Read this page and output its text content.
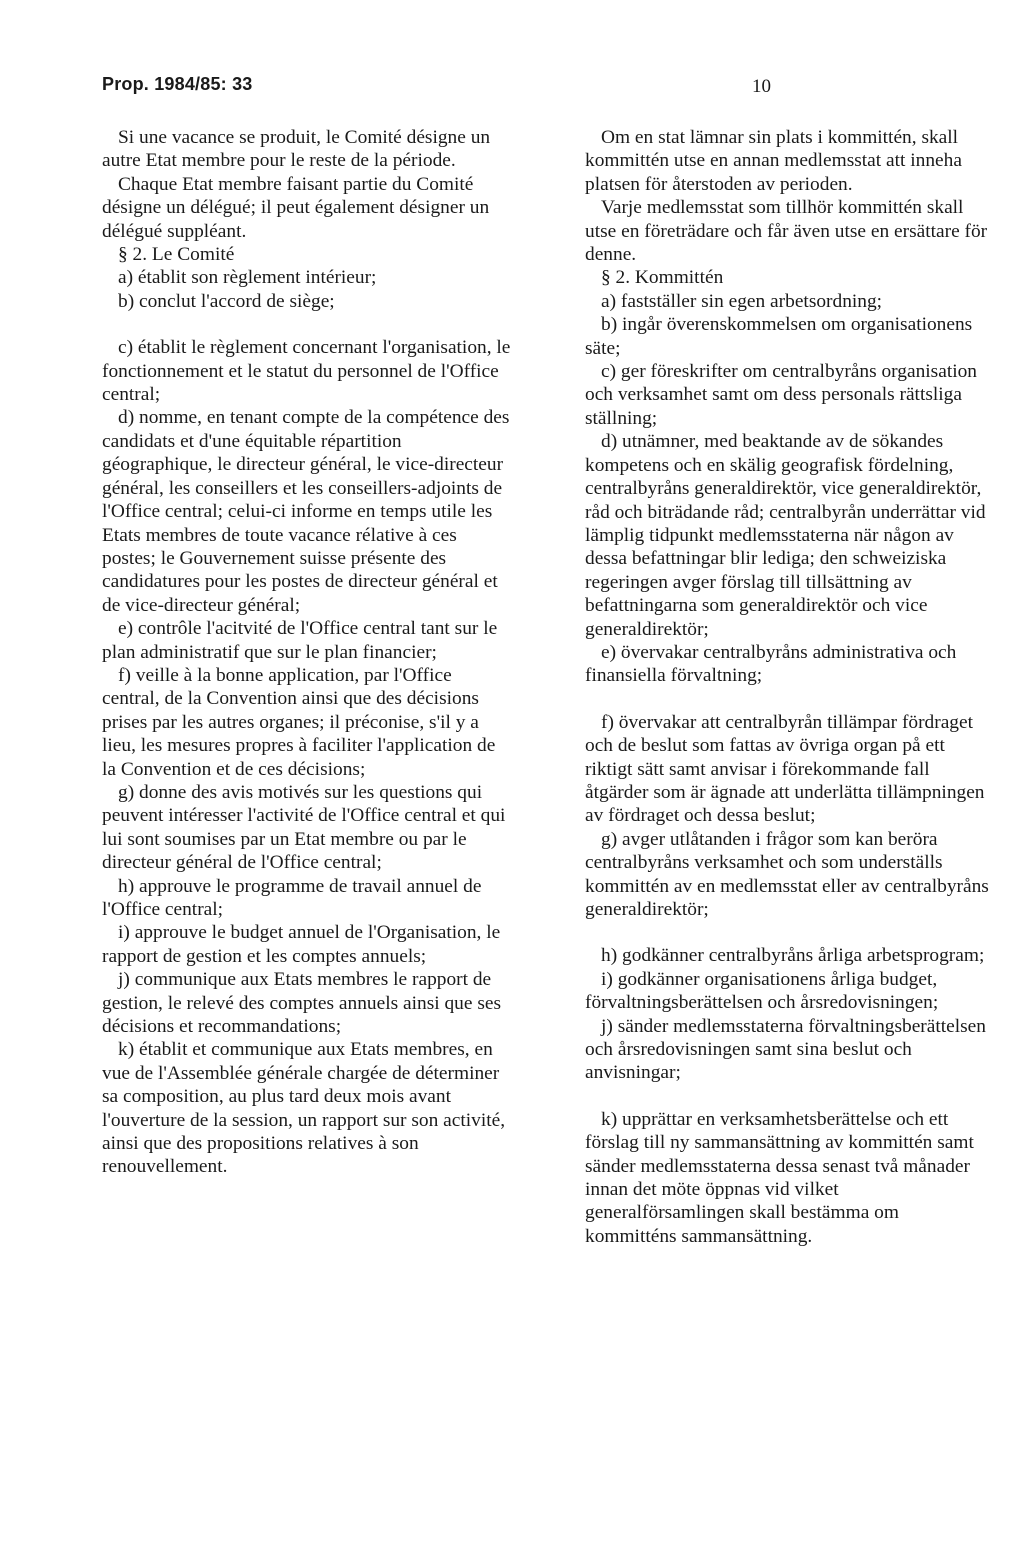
Prop. 1984/85: 33	10

Si une vacance se produit, le Comité désigne un autre Etat membre pour le reste de la période.

Chaque Etat membre faisant partie du Comité désigne un délégué; il peut également désigner un délégué suppléant.

§ 2. Le Comité

a) établit son règlement intérieur;

b) conclut l'accord de siège;

c) établit le règlement concernant l'organisation, le fonctionnement et le statut du personnel de l'Office central;

d) nomme, en tenant compte de la compétence des candidats et d'une équitable répartition géographique, le directeur général, le vice-directeur général, les conseillers et les conseillers-adjoints de l'Office central; celui-ci informe en temps utile les Etats membres de toute vacance rélative à ces postes; le Gouvernement suisse présente des candidatures pour les postes de directeur général et de vice-directeur général;

e) contrôle l'acitvité de l'Office central tant sur le plan administratif que sur le plan financier;

f) veille à la bonne application, par l'Office central, de la Convention ainsi que des décisions prises par les autres organes; il préconise, s'il y a lieu, les mesures propres à faciliter l'application de la Convention et de ces décisions;

g) donne des avis motivés sur les questions qui peuvent intéresser l'activité de l'Office central et qui lui sont soumises par un Etat membre ou par le directeur général de l'Office central;

h) approuve le programme de travail annuel de l'Office central;

i) approuve le budget annuel de l'Organisation, le rapport de gestion et les comptes annuels;

j) communique aux Etats membres le rapport de gestion, le relevé des comptes annuels ainsi que ses décisions et recommandations;

k) établit et communique aux Etats membres, en vue de l'Assemblée générale chargée de déterminer sa composition, au plus tard deux mois avant l'ouverture de la session, un rapport sur son activité, ainsi que des propositions relatives à son renouvellement.

Om en stat lämnar sin plats i kommittén, skall kommittén utse en annan medlemsstat att inneha platsen för återstoden av perioden.

Varje medlemsstat som tillhör kommittén skall utse en företrädare och får även utse en ersättare för denne.

§ 2. Kommittén

a) fastställer sin egen arbetsordning;

b) ingår överenskommelsen om organisationens säte;

c) ger föreskrifter om centralbyråns organisation och verksamhet samt om dess personals rättsliga ställning;

d) utnämner, med beaktande av de sökandes kompetens och en skälig geografisk fördelning, centralbyråns generaldirektör, vice generaldirektör, råd och biträdande råd; centralbyrån underrättar vid lämplig tidpunkt medlemsstaterna när någon av dessa befattningar blir lediga; den schweiziska regeringen avger förslag till tillsättning av befattningarna som generaldirektör och vice generaldirektör;

e) övervakar centralbyråns administrativa och finansiella förvaltning;

f) övervakar att centralbyrån tillämpar fördraget och de beslut som fattas av övriga organ på ett riktigt sätt samt anvisar i förekommande fall åtgärder som är ägnade att underlätta tillämpningen av fördraget och dessa beslut;

g) avger utlåtanden i frågor som kan beröra centralbyråns verksamhet och som underställs kommittén av en medlemsstat eller av centralbyråns generaldirektör;

h) godkänner centralbyråns årliga arbetsprogram;

i) godkänner organisationens årliga budget, förvaltningsberättelsen och årsredovisningen;

j) sänder medlemsstaterna förvaltningsberättelsen och årsredovisningen samt sina beslut och anvisningar;

k) upprättar en verksamhetsberättelse och ett förslag till ny sammansättning av kommittén samt sänder medlemsstaterna dessa senast två månader innan det möte öppnas vid vilket generalförsamlingen skall bestämma om kommitténs sammansättning.
